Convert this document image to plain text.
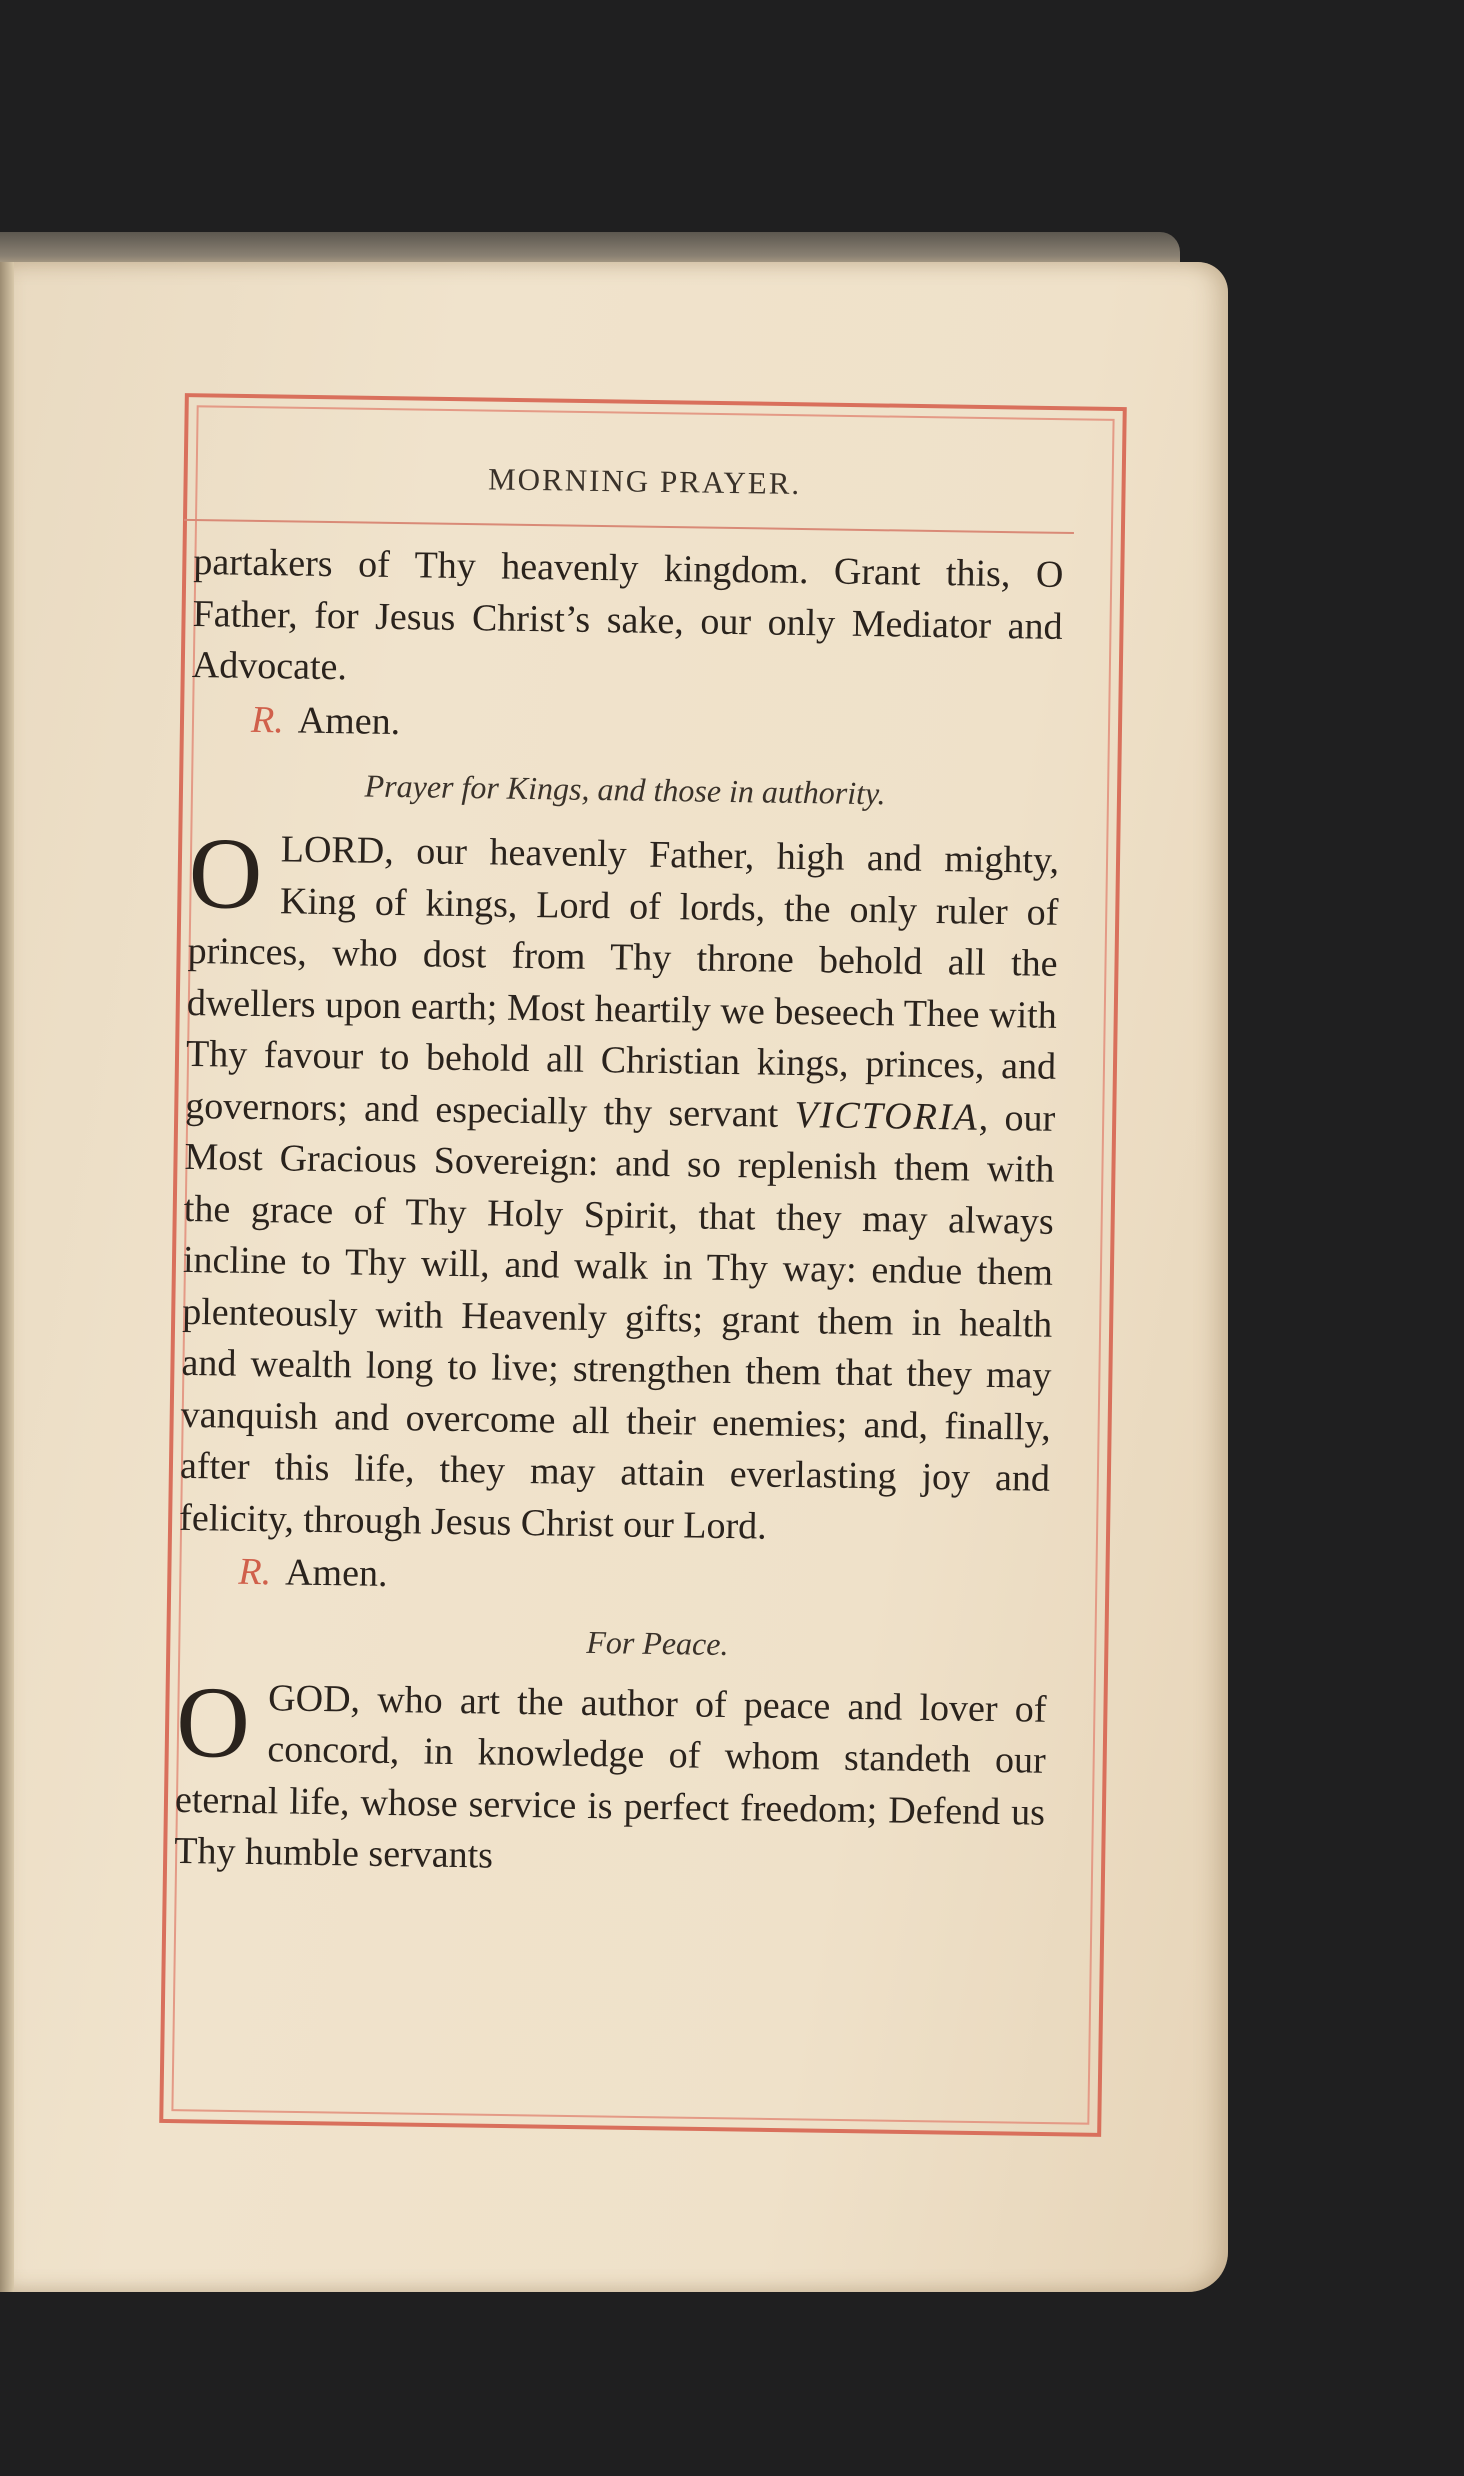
MORNING PRAYER.
partakers of Thy heavenly kingdom. Grant this, O Father, for Jesus Christ’s sake, our only Mediator and Advocate.
R. Amen.
Prayer for Kings, and those in authority.
O LORD, our heavenly Father, high and mighty, King of kings, Lord of lords, the only ruler of princes, who dost from Thy throne behold all the dwellers upon earth; Most heartily we beseech Thee with Thy favour to behold all Christian kings, princes, and governors; and especially thy servant VICTORIA, our Most Gracious Sovereign: and so replenish them with the grace of Thy Holy Spirit, that they may always incline to Thy will, and walk in Thy way: endue them plenteously with Heavenly gifts; grant them in health and wealth long to live; strengthen them that they may vanquish and overcome all their enemies; and, finally, after this life, they may attain everlasting joy and felicity, through Jesus Christ our Lord.
R. Amen.
For Peace.
O GOD, who art the author of peace and lover of concord, in knowledge of whom standeth our eternal life, whose service is perfect freedom; Defend us Thy humble servants
